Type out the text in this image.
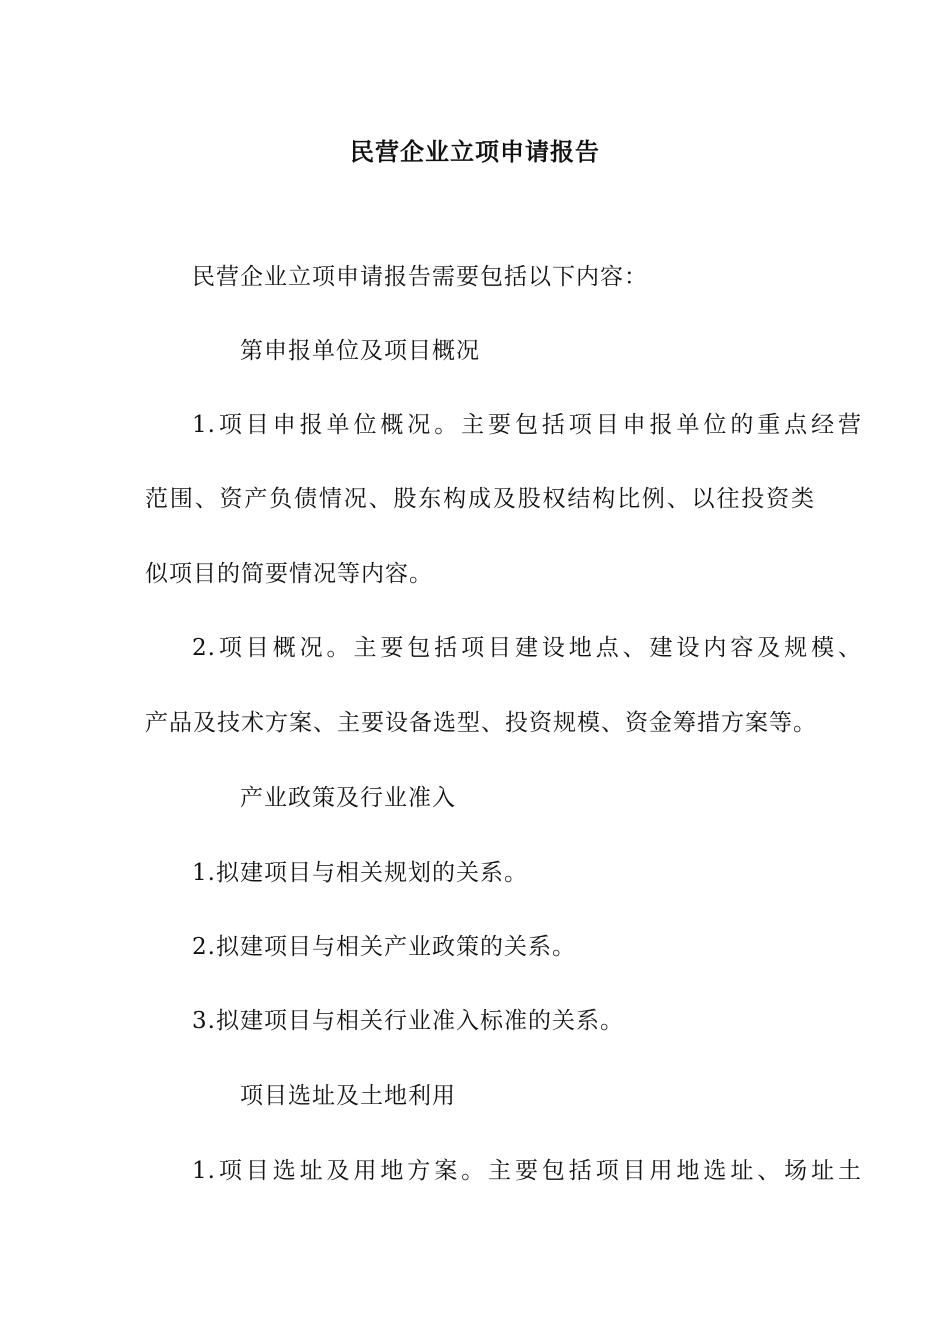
民营企业立项申请报告
民营企业立项申请报告需要包括以下内容：
第申报单位及项目概况
1.项目申报单位概况。主要包括项目申报单位的重点经营
范围、资产负债情况、股东构成及股权结构比例、以往投资类
似项目的简要情况等内容。
2.项目概况。主要包括项目建设地点、建设内容及规模、
产品及技术方案、主要设备选型、投资规模、资金筹措方案等。
产业政策及行业准入
1.拟建项目与相关规划的关系。
2.拟建项目与相关产业政策的关系。
3.拟建项目与相关行业准入标准的关系。
项目选址及土地利用
1.项目选址及用地方案。主要包括项目用地选址、场址土
